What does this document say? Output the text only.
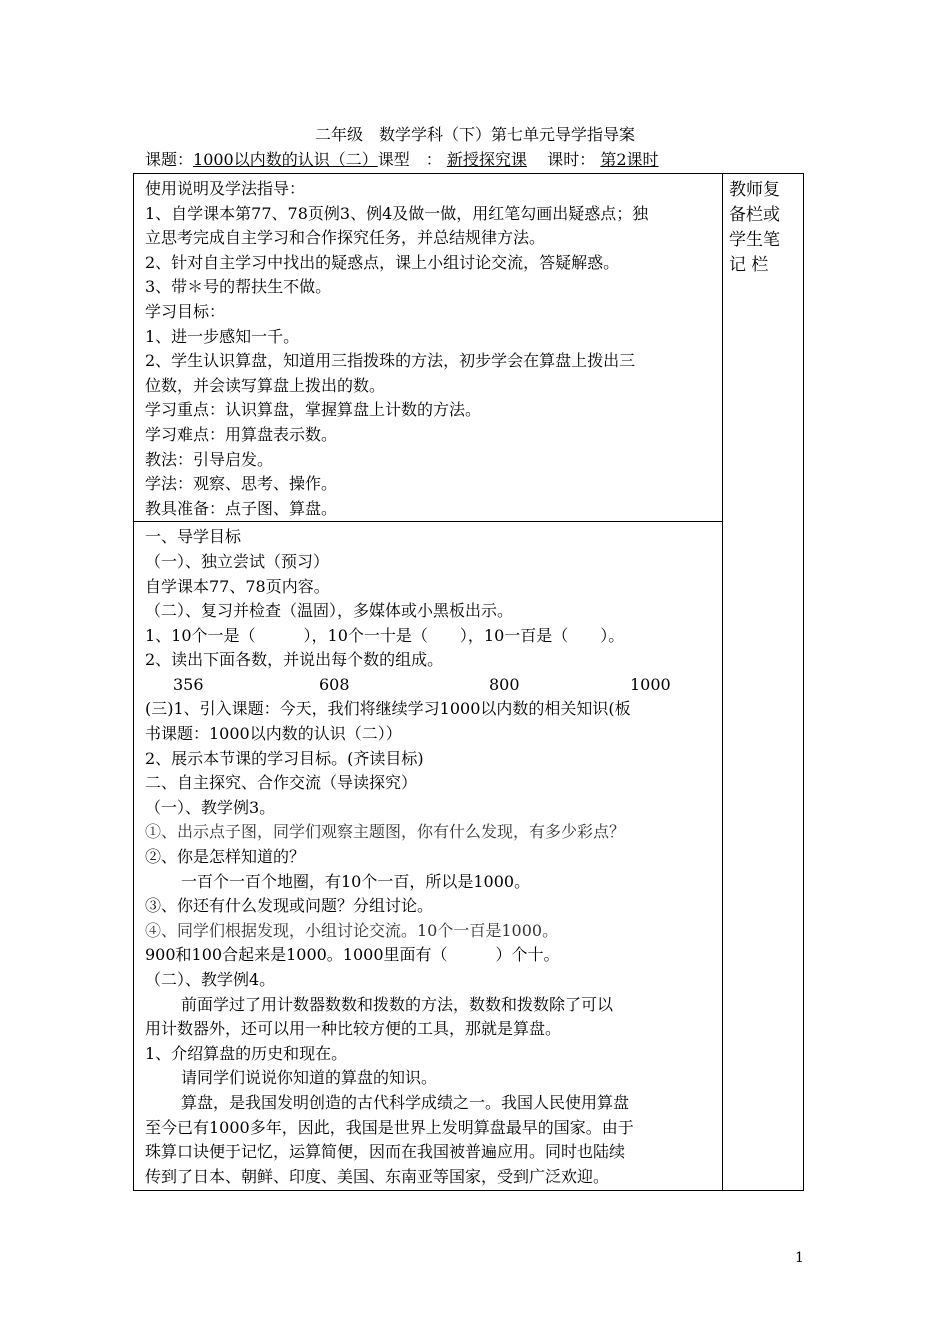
二年级　数学学科（下）第七单元导学指导案
课题：1000以内数的认识（二）课型　： 新授探究课 课时： 第2课时
使用说明及学法指导：
1、自学课本第77、78页例3、例4及做一做，用红笔勾画出疑惑点；独
立思考完成自主学习和合作探究任务，并总结规律方法。
2、针对自主学习中找出的疑惑点，课上小组讨论交流，答疑解惑。
3、带＊号的帮扶生不做。
学习目标：
1、进一步感知一千。
2、学生认识算盘，知道用三指拨珠的方法，初步学会在算盘上拨出三
位数，并会读写算盘上拨出的数。
学习重点：认识算盘，掌握算盘上计数的方法。
学习难点：用算盘表示数。
教法：引导启发。
学法：观察、思考、操作。
教具准备：点子图、算盘。

教师复
备栏或
学生笔
记 栏

一、导学目标
（一）、独立尝试（预习）
自学课本77、78页内容。
（二）、复习并检查（温固），多媒体或小黑板出示。
1、10个一是（　　　），10个一十是（　　），10一百是（　　）。
2、读出下面各数，并说出每个数的组成。
356	608	800	1000
(三)1、引入课题：今天，我们将继续学习1000以内数的相关知识(板
书课题：1000以内数的认识（二））
2、展示本节课的学习目标。(齐读目标)
二、自主探究、合作交流（导读探究）
（一）、教学例3。
①、出示点子图，同学们观察主题图，你有什么发现，有多少彩点？
②、你是怎样知道的？
一百个一百个地圈，有10个一百，所以是1000。
③、你还有什么发现或问题？分组讨论。
④、同学们根据发现，小组讨论交流。10个一百是1000。
900和100合起来是1000。1000里面有（　　　）个十。
（二）、教学例4。
前面学过了用计数器数数和拨数的方法，数数和拨数除了可以
用计数器外，还可以用一种比较方便的工具，那就是算盘。
1、介绍算盘的历史和现在。
请同学们说说你知道的算盘的知识。
算盘，是我国发明创造的古代科学成绩之一。我国人民使用算盘
至今已有1000多年，因此，我国是世界上发明算盘最早的国家。由于
珠算口诀便于记忆，运算简便，因而在我国被普遍应用。同时也陆续
传到了日本、朝鲜、印度、美国、东南亚等国家，受到广泛欢迎。
1
